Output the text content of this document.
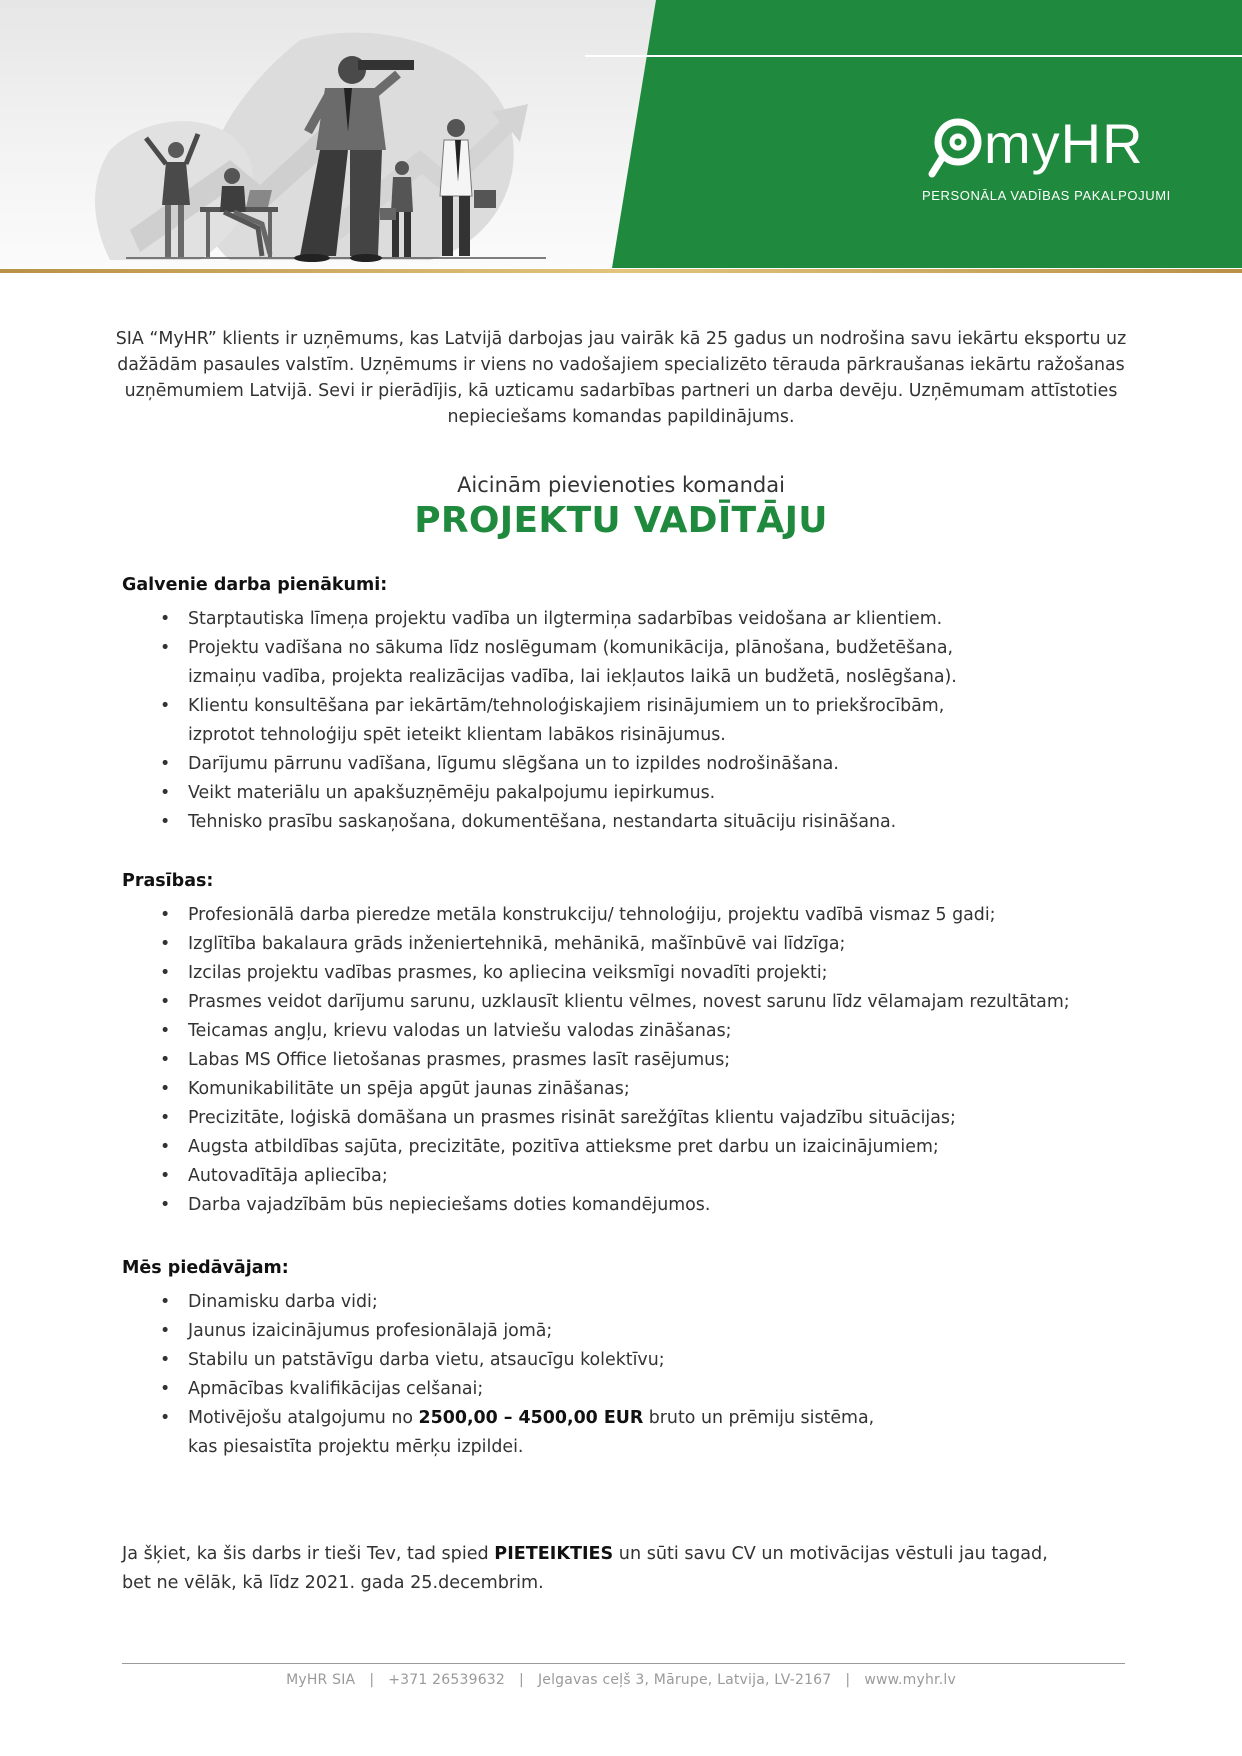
myHR
PERSONĀLA VADĪBAS PAKALPOJUMI
SIA “MyHR” klients ir uzņēmums, kas Latvijā darbojas jau vairāk kā 25 gadus un nodrošina savu iekārtu eksportu uz dažādām pasaules valstīm. Uzņēmums ir viens no vadošajiem specializēto tērauda pārkraušanas iekārtu ražošanas uzņēmumiem Latvijā. Sevi ir pierādījis, kā uzticamu sadarbības partneri un darba devēju. Uzņēmumam attīstoties nepieciešams komandas papildinājums.
Aicinām pievienoties komandai
PROJEKTU VADĪTĀJU
Galvenie darba pienākumi:
• Starptautiska līmeņa projektu vadība un ilgtermiņa sadarbības veidošana ar klientiem.
• Projektu vadīšana no sākuma līdz noslēgumam (komunikācija, plānošana, budžetēšana,
izmaiņu vadība, projekta realizācijas vadība, lai iekļautos laikā un budžetā, noslēgšana).
• Klientu konsultēšana par iekārtām/tehnoloģiskajiem risinājumiem un to priekšrocībām,
izprotot tehnoloģiju spēt ieteikt klientam labākos risinājumus.
• Darījumu pārrunu vadīšana, līgumu slēgšana un to izpildes nodrošināšana.
• Veikt materiālu un apakšuzņēmēju pakalpojumu iepirkumus.
• Tehnisko prasību saskaņošana, dokumentēšana, nestandarta situāciju risināšana.
Prasības:
• Profesionālā darba pieredze metāla konstrukciju/ tehnoloģiju, projektu vadībā vismaz 5 gadi;
• Izglītība bakalaura grāds inženiertehnikā, mehānikā, mašīnbūvē vai līdzīga;
• Izcilas projektu vadības prasmes, ko apliecina veiksmīgi novadīti projekti;
• Prasmes veidot darījumu sarunu, uzklausīt klientu vēlmes, novest sarunu līdz vēlamajam rezultātam;
• Teicamas angļu, krievu valodas un latviešu valodas zināšanas;
• Labas MS Office lietošanas prasmes, prasmes lasīt rasējumus;
• Komunikabilitāte un spēja apgūt jaunas zināšanas;
• Precizitāte, loģiskā domāšana un prasmes risināt sarežģītas klientu vajadzību situācijas;
• Augsta atbildības sajūta, precizitāte, pozitīva attieksme pret darbu un izaicinājumiem;
• Autovadītāja apliecība;
• Darba vajadzībām būs nepieciešams doties komandējumos.
Mēs piedāvājam:
• Dinamisku darba vidi;
• Jaunus izaicinājumus profesionālajā jomā;
• Stabilu un patstāvīgu darba vietu, atsaucīgu kolektīvu;
• Apmācības kvalifikācijas celšanai;
• Motivējošu atalgojumu no 2500,00 – 4500,00 EUR bruto un prēmiju sistēma,
kas piesaistīta projektu mērķu izpildei.
Ja šķiet, ka šis darbs ir tieši Tev, tad spied PIETEIKTIES un sūti savu CV un motivācijas vēstuli jau tagad,
bet ne vēlāk, kā līdz 2021. gada 25.decembrim.
MyHR SIA | +371 26539632 | Jelgavas ceļš 3, Mārupe, Latvija, LV-2167 | www.myhr.lv
